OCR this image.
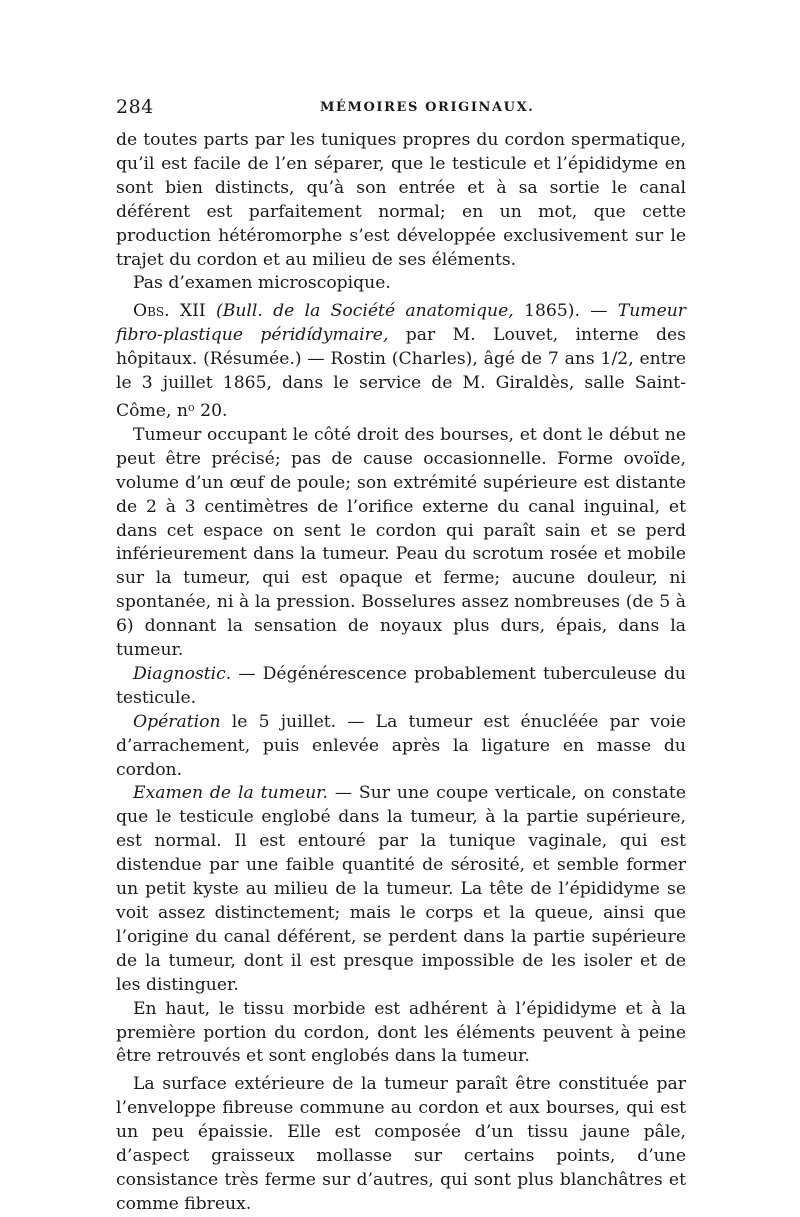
284	MÉMOIRES ORIGINAUX.

de toutes parts par les tuniques propres du cordon spermatique, qu’il est facile de l’en séparer, que le testicule et l’épididyme en sont bien distincts, qu’à son entrée et à sa sortie le canal déférent est parfaitement normal; en un mot, que cette production hétéromorphe s’est développée exclusivement sur le trajet du cordon et au milieu de ses éléments.

Pas d’examen microscopique.

Obs. XII (Bull. de la Société anatomique, 1865). — Tumeur fibro-plastique péridídymaire, par M. Louvet, interne des hôpitaux. (Résumée.) — Rostin (Charles), âgé de 7 ans 1/2, entre le 3 juillet 1865, dans le service de M. Giraldès, salle Saint-Côme, $n^o$ 20.

Tumeur occupant le côté droit des bourses, et dont le début ne peut être précisé; pas de cause occasionnelle. Forme ovoïde, volume d’un œuf de poule; son extrémité supérieure est distante de 2 à 3 centimètres de l’orifice externe du canal inguinal, et dans cet espace on sent le cordon qui paraît sain et se perd inférieurement dans la tumeur. Peau du scrotum rosée et mobile sur la tumeur, qui est opaque et ferme; aucune douleur, ni spontanée, ni à la pression. Bosselures assez nombreuses (de 5 à 6) donnant la sensation de noyaux plus durs, épais, dans la tumeur.

Diagnostic. — Dégénérescence probablement tuberculeuse du testicule.

Opération le 5 juillet. — La tumeur est énucléée par voie d’arrachement, puis enlevée après la ligature en masse du cordon.

Examen de la tumeur. — Sur une coupe verticale, on constate que le testicule englobé dans la tumeur, à la partie supérieure, est normal. Il est entouré par la tunique vaginale, qui est distendue par une faible quantité de sérosité, et semble former un petit kyste au milieu de la tumeur. La tête de l’épididyme se voit assez distinctement; mais le corps et la queue, ainsi que l’origine du canal déférent, se perdent dans la partie supérieure de la tumeur, dont il est presque impossible de les isoler et de les distinguer.

En haut, le tissu morbide est adhérent à l’épididyme et à la première portion du cordon, dont les éléments peuvent à peine être retrouvés et sont englobés dans la tumeur.

La surface extérieure de la tumeur paraît être constituée par l’enveloppe fibreuse commune au cordon et aux bourses, qui est un peu épaissie. Elle est composée d’un tissu jaune pâle, d’aspect graisseux mollasse sur certains points, d’une consistance très ferme sur d’autres, qui sont plus blanchâtres et comme fibreux.
